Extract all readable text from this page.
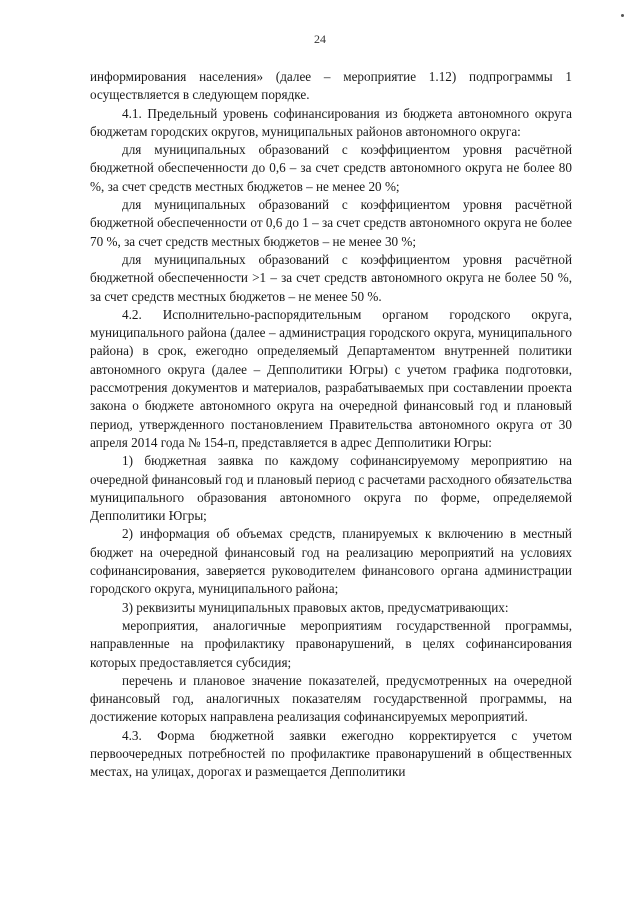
24

информирования населения» (далее – мероприятие 1.12) подпрограммы 1 осуществляется в следующем порядке.

4.1. Предельный уровень софинансирования из бюджета автономного округа бюджетам городских округов, муниципальных районов автономного округа:

для муниципальных образований с коэффициентом уровня расчётной бюджетной обеспеченности до 0,6 – за счет средств автономного округа не более 80 %, за счет средств местных бюджетов – не менее 20 %;

для муниципальных образований с коэффициентом уровня расчётной бюджетной обеспеченности от 0,6 до 1 – за счет средств автономного округа не более 70 %, за счет средств местных бюджетов – не менее 30 %;

для муниципальных образований с коэффициентом уровня расчётной бюджетной обеспеченности >1 – за счет средств автономного округа не более 50 %, за счет средств местных бюджетов – не менее 50 %.

4.2. Исполнительно-распорядительным органом городского округа, муниципального района (далее – администрация городского округа, муниципального района) в срок, ежегодно определяемый Департаментом внутренней политики автономного округа (далее – Депполитики Югры) с учетом графика подготовки, рассмотрения документов и материалов, разрабатываемых при составлении проекта закона о бюджете автономного округа на очередной финансовый год и плановый период, утвержденного постановлением Правительства автономного округа от 30 апреля 2014 года № 154-п, представляется в адрес Депполитики Югры:

1) бюджетная заявка по каждому софинансируемому мероприятию на очередной финансовый год и плановый период с расчетами расходного обязательства муниципального образования автономного округа по форме, определяемой Депполитики Югры;

2) информация об объемах средств, планируемых к включению в местный бюджет на очередной финансовый год на реализацию мероприятий на условиях софинансирования, заверяется руководителем финансового органа администрации городского округа, муниципального района;

3) реквизиты муниципальных правовых актов, предусматривающих:

мероприятия, аналогичные мероприятиям государственной программы, направленные на профилактику правонарушений, в целях софинансирования которых предоставляется субсидия;

перечень и плановое значение показателей, предусмотренных на очередной финансовый год, аналогичных показателям государственной программы, на достижение которых направлена реализация софинансируемых мероприятий.

4.3. Форма бюджетной заявки ежегодно корректируется с учетом первоочередных потребностей по профилактике правонарушений в общественных местах, на улицах, дорогах и размещается Депполитики
